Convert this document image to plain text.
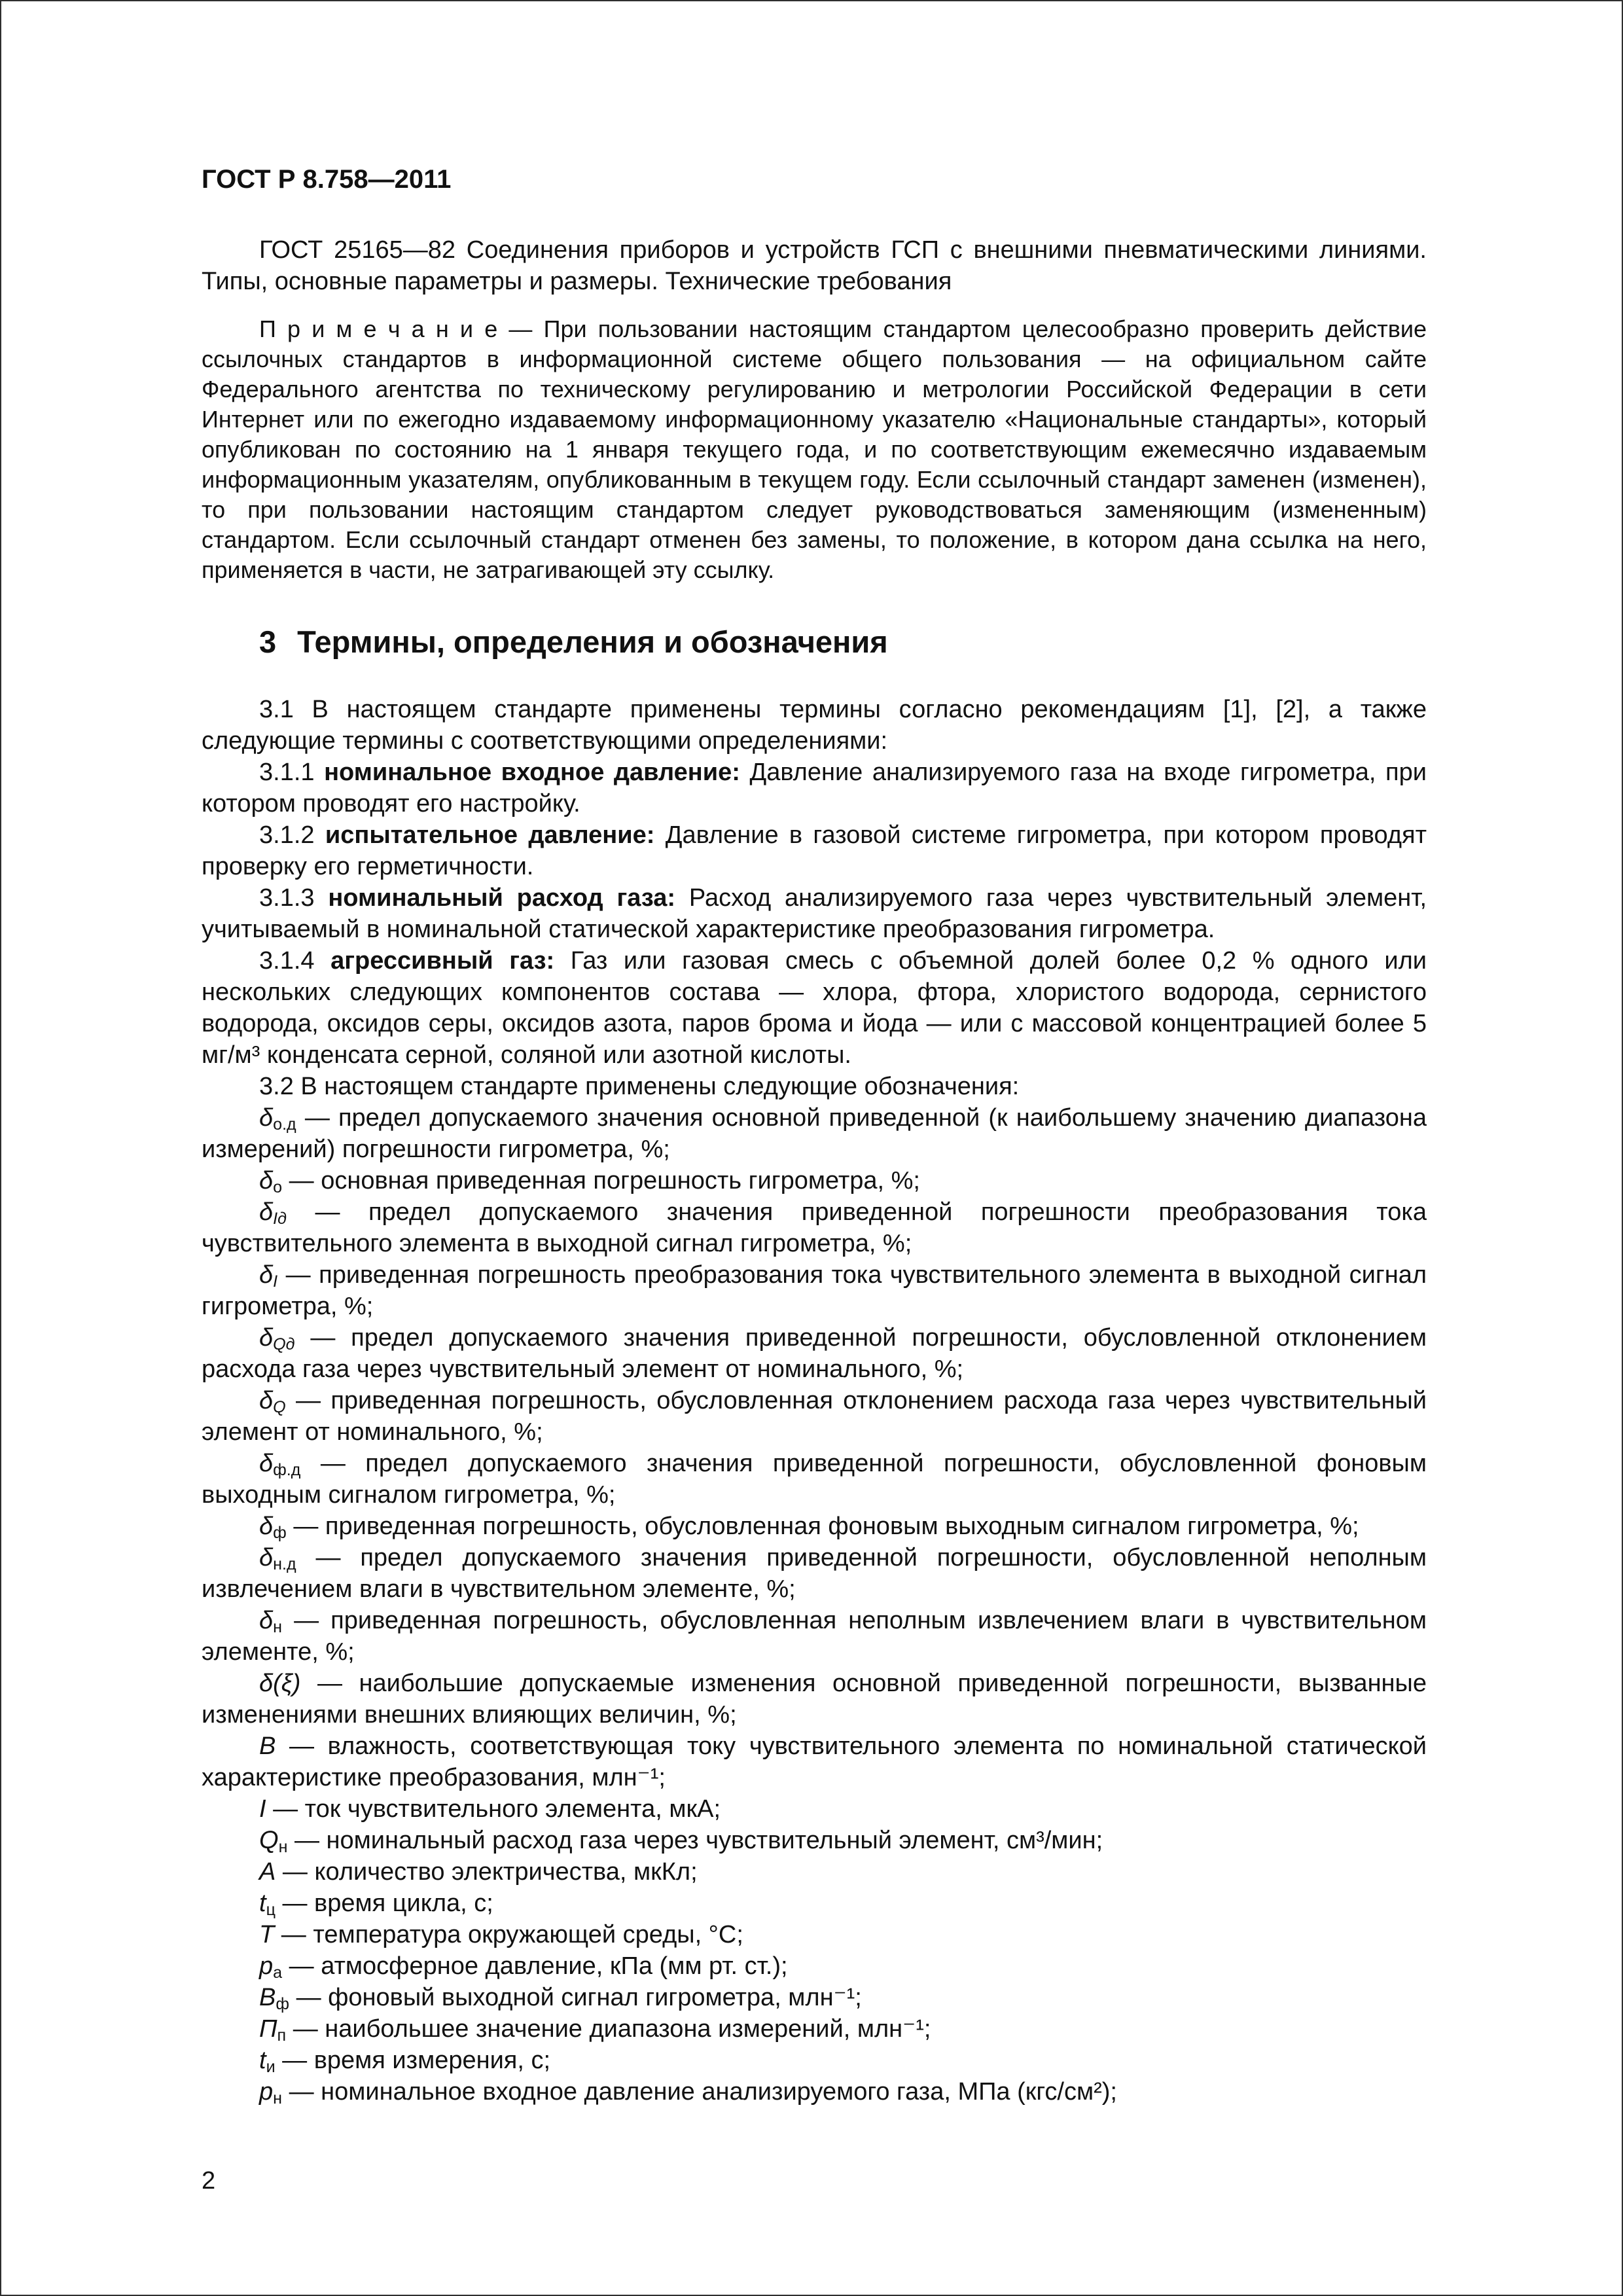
ГОСТ Р 8.758—2011

ГОСТ 25165—82 Соединения приборов и устройств ГСП с внешними пневматическими линиями. Типы, основные параметры и размеры. Технические требования

П р и м е ч а н и е — При пользовании настоящим стандартом целесообразно проверить действие ссылочных стандартов в информационной системе общего пользования — на официальном сайте Федерального агентства по техническому регулированию и метрологии Российской Федерации в сети Интернет или по ежегодно издаваемому информационному указателю «Национальные стандарты», который опубликован по состоянию на 1 января текущего года, и по соответствующим ежемесячно издаваемым информационным указателям, опубликованным в текущем году. Если ссылочный стандарт заменен (изменен), то при пользовании настоящим стандартом следует руководствоваться заменяющим (измененным) стандартом. Если ссылочный стандарт отменен без замены, то положение, в котором дана ссылка на него, применяется в части, не затрагивающей эту ссылку.

3 Термины, определения и обозначения

3.1 В настоящем стандарте применены термины согласно рекомендациям [1], [2], а также следующие термины с соответствующими определениями:

3.1.1 номинальное входное давление: Давление анализируемого газа на входе гигрометра, при котором проводят его настройку.

3.1.2 испытательное давление: Давление в газовой системе гигрометра, при котором проводят проверку его герметичности.

3.1.3 номинальный расход газа: Расход анализируемого газа через чувствительный элемент, учитываемый в номинальной статической характеристике преобразования гигрометра.

3.1.4 агрессивный газ: Газ или газовая смесь с объемной долей более 0,2 % одного или нескольких следующих компонентов состава — хлора, фтора, хлористого водорода, сернистого водорода, оксидов серы, оксидов азота, паров брома и йода — или с массовой концентрацией более 5 мг/м³ конденсата серной, соляной или азотной кислоты.

3.2 В настоящем стандарте применены следующие обозначения:

δо.д — предел допускаемого значения основной приведенной (к наибольшему значению диапазона измерений) погрешности гигрометра, %;

δо — основная приведенная погрешность гигрометра, %;

δIд — предел допускаемого значения приведенной погрешности преобразования тока чувствительного элемента в выходной сигнал гигрометра, %;

δI — приведенная погрешность преобразования тока чувствительного элемента в выходной сигнал гигрометра, %;

δQд — предел допускаемого значения приведенной погрешности, обусловленной отклонением расхода газа через чувствительный элемент от номинального, %;

δQ — приведенная погрешность, обусловленная отклонением расхода газа через чувствительный элемент от номинального, %;

δф.д — предел допускаемого значения приведенной погрешности, обусловленной фоновым выходным сигналом гигрометра, %;

δф — приведенная погрешность, обусловленная фоновым выходным сигналом гигрометра, %;

δн.д — предел допускаемого значения приведенной погрешности, обусловленной неполным извлечением влаги в чувствительном элементе, %;

δн — приведенная погрешность, обусловленная неполным извлечением влаги в чувствительном элементе, %;

δ(ξ) — наибольшие допускаемые изменения основной приведенной погрешности, вызванные изменениями внешних влияющих величин, %;

B — влажность, соответствующая току чувствительного элемента по номинальной статической характеристике преобразования, млн⁻¹;

I — ток чувствительного элемента, мкА;

Qн — номинальный расход газа через чувствительный элемент, см³/мин;

A — количество электричества, мкКл;

tц — время цикла, с;

T — температура окружающей среды, °С;

pа — атмосферное давление, кПа (мм рт. ст.);

Bф — фоновый выходной сигнал гигрометра, млн⁻¹;

Пп — наибольшее значение диапазона измерений, млн⁻¹;

tи — время измерения, с;

pн — номинальное входное давление анализируемого газа, МПа (кгс/см²);

2
